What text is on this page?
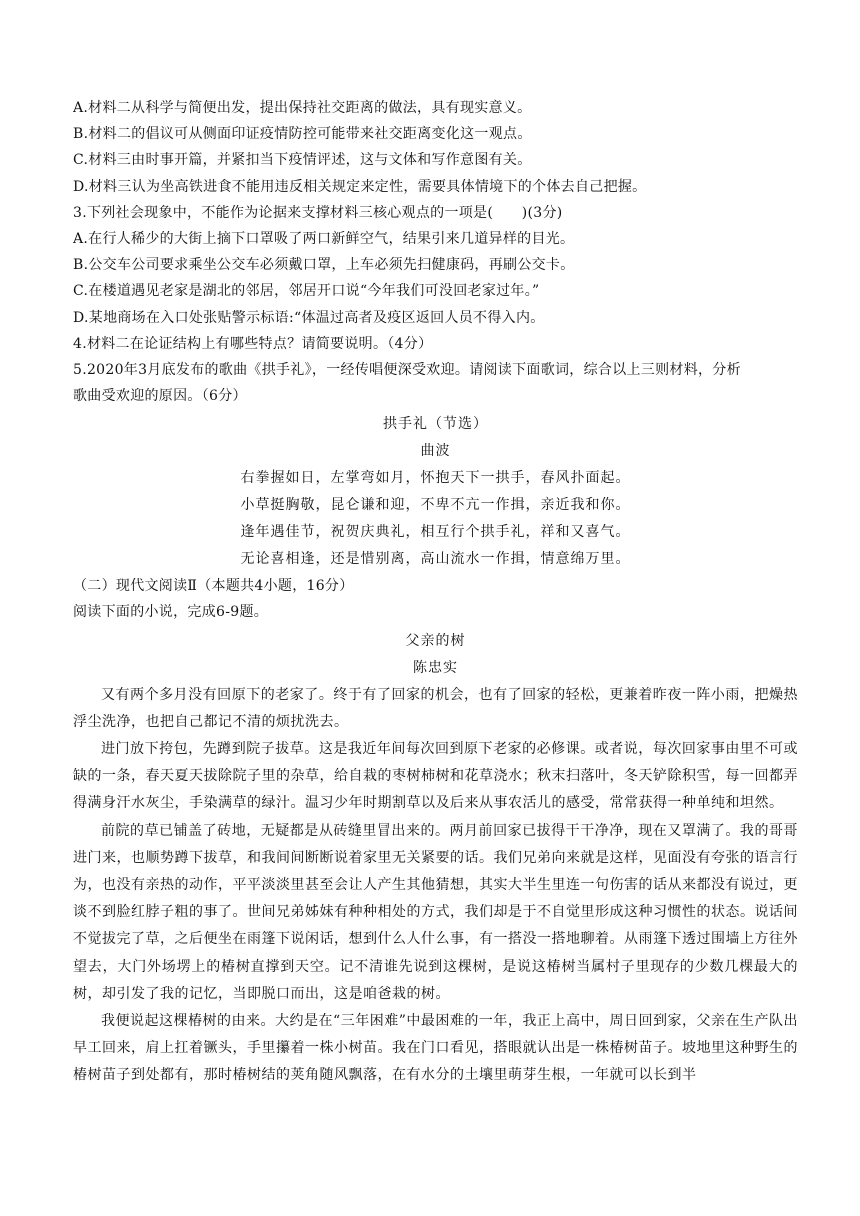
A.材料二从科学与简便出发，提出保持社交距离的做法，具有现实意义。
B.材料二的倡议可从侧面印证疫情防控可能带来社交距离变化这一观点。
C.材料三由时事开篇，并紧扣当下疫情评述，这与文体和写作意图有关。
D.材料三认为坐高铁进食不能用违反相关规定来定性，需要具体情境下的个体去自己把握。
3.下列社会现象中，不能作为论据来支撑材料三核心观点的一项是(　　)(3分)
A.在行人稀少的大街上摘下口罩吸了两口新鲜空气，结果引来几道异样的目光。
B.公交车公司要求乘坐公交车必须戴口罩，上车必须先扫健康码，再刷公交卡。
C.在楼道遇见老家是湖北的邻居，邻居开口说“今年我们可没回老家过年。”
D.某地商场在入口处张贴警示标语:“体温过高者及疫区返回人员不得入内。
4.材料二在论证结构上有哪些特点？请简要说明。（4分）
5.2020年3月底发布的歌曲《拱手礼》，一经传唱便深受欢迎。请阅读下面歌词，综合以上三则材料，分析
歌曲受欢迎的原因。（6分）
拱手礼（节选）
曲波
右拳握如日，左掌弯如月，怀抱天下一拱手，春风扑面起。
小草挺胸敬，昆仑谦和迎，不卑不亢一作揖，亲近我和你。
逢年遇佳节，祝贺庆典礼，相互行个拱手礼，祥和又喜气。
无论喜相逢，还是惜别离，高山流水一作揖，情意绵万里。
（二）现代文阅读Ⅱ（本题共4小题，16分）
阅读下面的小说，完成6-9题。
父亲的树
陈忠实

又有两个多月没有回原下的老家了。终于有了回家的机会，也有了回家的轻松，更兼着昨夜一阵小雨，把燥热浮尘洗净，也把自己都记不清的烦扰洗去。

进门放下挎包，先蹲到院子拔草。这是我近年间每次回到原下老家的必修课。或者说，每次回家事由里不可或缺的一条，春天夏天拔除院子里的杂草，给自栽的枣树柿树和花草浇水；秋末扫落叶，冬天铲除积雪，每一回都弄得满身汗水灰尘，手染满草的绿汁。温习少年时期割草以及后来从事农活儿的感受，常常获得一种单纯和坦然。

前院的草已铺盖了砖地，无疑都是从砖缝里冒出来的。两月前回家已拔得干干净净，现在又罩满了。我的哥哥进门来，也顺势蹲下拔草，和我间间断断说着家里无关紧要的话。我们兄弟向来就是这样，见面没有夸张的语言行为，也没有亲热的动作，平平淡淡里甚至会让人产生其他猜想，其实大半生里连一句伤害的话从来都没有说过，更谈不到脸红脖子粗的事了。世间兄弟姊妹有种种相处的方式，我们却是于不自觉里形成这种习惯性的状态。说话间不觉拔完了草，之后便坐在雨篷下说闲话，想到什么人什么事，有一搭没一搭地聊着。从雨篷下透过围墙上方往外望去，大门外场塄上的椿树直撑到天空。记不清谁先说到这棵树，是说这椿树当属村子里现存的少数几棵最大的树，却引发了我的记忆，当即脱口而出，这是咱爸栽的树。

我便说起这棵椿树的由来。大约是在“三年困难”中最困难的一年，我正上高中，周日回到家，父亲在生产队出早工回来，肩上扛着镢头，手里攥着一株小树苗。我在门口看见，搭眼就认出是一株椿树苗子。坡地里这种野生的椿树苗子到处都有，那时椿树结的荚角随风飘落，在有水分的土壤里萌芽生根，一年就可以长到半
